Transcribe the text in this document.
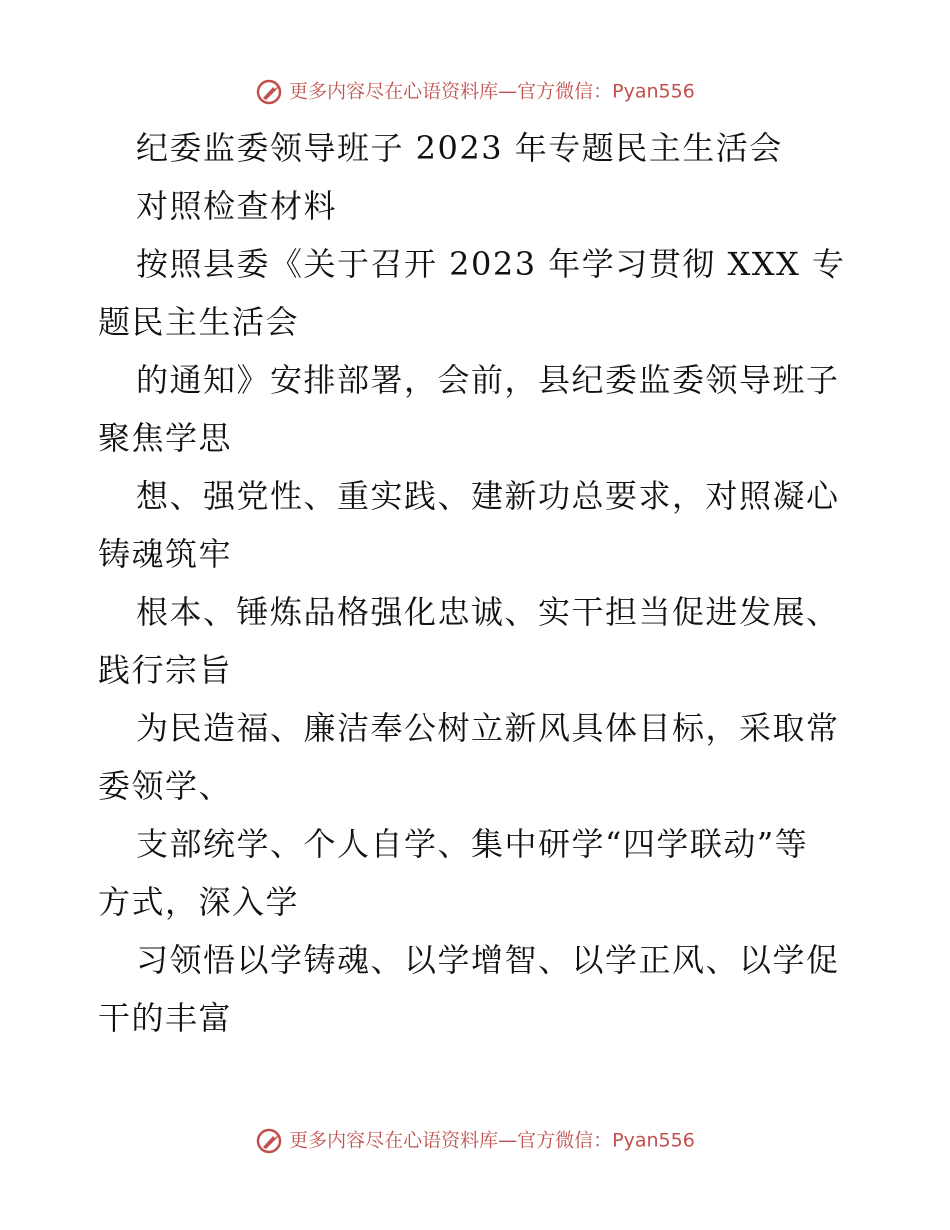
更多内容尽在心语资料库—官方微信：Pyan556
纪委监委领导班子 2023 年专题民主生活会
对照检查材料
按照县委《关于召开 2023 年学习贯彻 XXX 专
题民主生活会
的通知》安排部署，会前，县纪委监委领导班子
聚焦学思
想、强党性、重实践、建新功总要求，对照凝心
铸魂筑牢
根本、锤炼品格强化忠诚、实干担当促进发展、
践行宗旨
为民造福、廉洁奉公树立新风具体目标，采取常
委领学、
支部统学、个人自学、集中研学“四学联动”等
方式，深入学
习领悟以学铸魂、以学增智、以学正风、以学促
干的丰富
更多内容尽在心语资料库—官方微信：Pyan556
